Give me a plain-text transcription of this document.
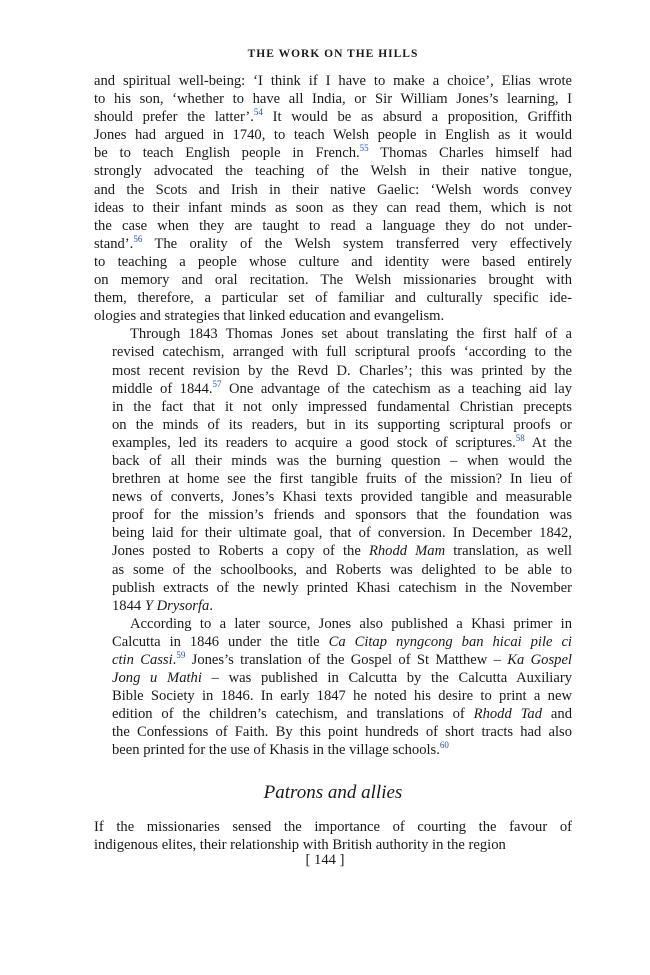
THE WORK ON THE HILLS
and spiritual well-being: ‘I think if I have to make a choice’, Elias wrote
to his son, ‘whether to have all India, or Sir William Jones’s learning, I
should prefer the latter’.$^{54}$ It would be as absurd a proposition, Griffith
Jones had argued in 1740, to teach Welsh people in English as it would
be to teach English people in French.$^{55}$ Thomas Charles himself had
strongly advocated the teaching of the Welsh in their native tongue,
and the Scots and Irish in their native Gaelic: ‘Welsh words convey
ideas to their infant minds as soon as they can read them, which is not
the case when they are taught to read a language they do not under-
stand’.$^{56}$ The orality of the Welsh system transferred very effectively
to teaching a people whose culture and identity were based entirely
on memory and oral recitation. The Welsh missionaries brought with
them, therefore, a particular set of familiar and culturally specific ide-
ologies and strategies that linked education and evangelism.
Through 1843 Thomas Jones set about translating the first half of a
revised catechism, arranged with full scriptural proofs ‘according to the
most recent revision by the Revd D. Charles’; this was printed by the
middle of 1844.57 One advantage of the catechism as a teaching aid lay
in the fact that it not only impressed fundamental Christian precepts
on the minds of its readers, but in its supporting scriptural proofs or
examples, led its readers to acquire a good stock of scriptures.$^{58}$ At the
back of all their minds was the burning question – when would the
brethren at home see the first tangible fruits of the mission? In lieu of
news of converts, Jones’s Khasi texts provided tangible and measurable
proof for the mission’s friends and sponsors that the foundation was
being laid for their ultimate goal, that of conversion. In December 1842,
Jones posted to Roberts a copy of the Rhodd Mam translation, as well
as some of the schoolbooks, and Roberts was delighted to be able to
publish extracts of the newly printed Khasi catechism in the November
1844 Y Drysorfa.
According to a later source, Jones also published a Khasi primer in
Calcutta in 1846 under the title Ca Citap nyngcong ban hicai pile ci
ctin Cassi.$^{59}$ Jones’s translation of the Gospel of St Matthew – Ka Gospel
Jong u Mathi – was published in Calcutta by the Calcutta Auxiliary
Bible Society in 1846. In early 1847 he noted his desire to print a new
edition of the children’s catechism, and translations of Rhodd Tad and
the Confessions of Faith. By this point hundreds of short tracts had also
been printed for the use of Khasis in the village schools.$^{60}$
Patrons and allies
If the missionaries sensed the importance of courting the favour of
indigenous elites, their relationship with British authority in the region
[ 144 ]
